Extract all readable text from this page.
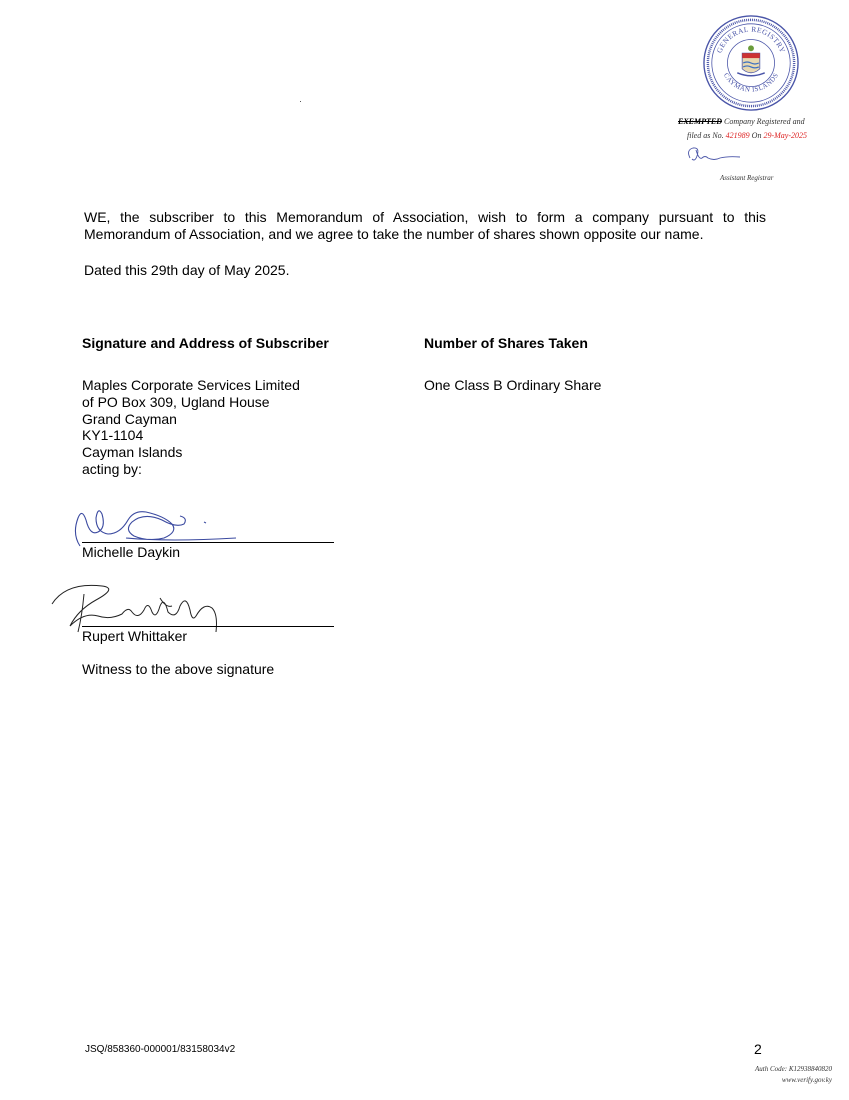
GENERAL REGISTRY
CAYMAN ISLANDS
EXEMPTED Company Registered and
filed as No. 421989 On 29-May-2025
Assistant Registrar
WE, the subscriber to this Memorandum of Association, wish to form a company pursuant to this Memorandum of Association, and we agree to take the number of shares shown opposite our name.
Dated this 29th day of May 2025.
Signature and Address of Subscriber	Number of Shares Taken
Maples Corporate Services Limited
of PO Box 309, Ugland House
Grand Cayman
KY1-1104
Cayman Islands
acting by:
One Class B Ordinary Share
Michelle Daykin
Rupert Whittaker
Witness to the above signature
JSQ/858360-000001/83158034v2	2
Auth Code: K12938840820
www.verify.gov.ky
